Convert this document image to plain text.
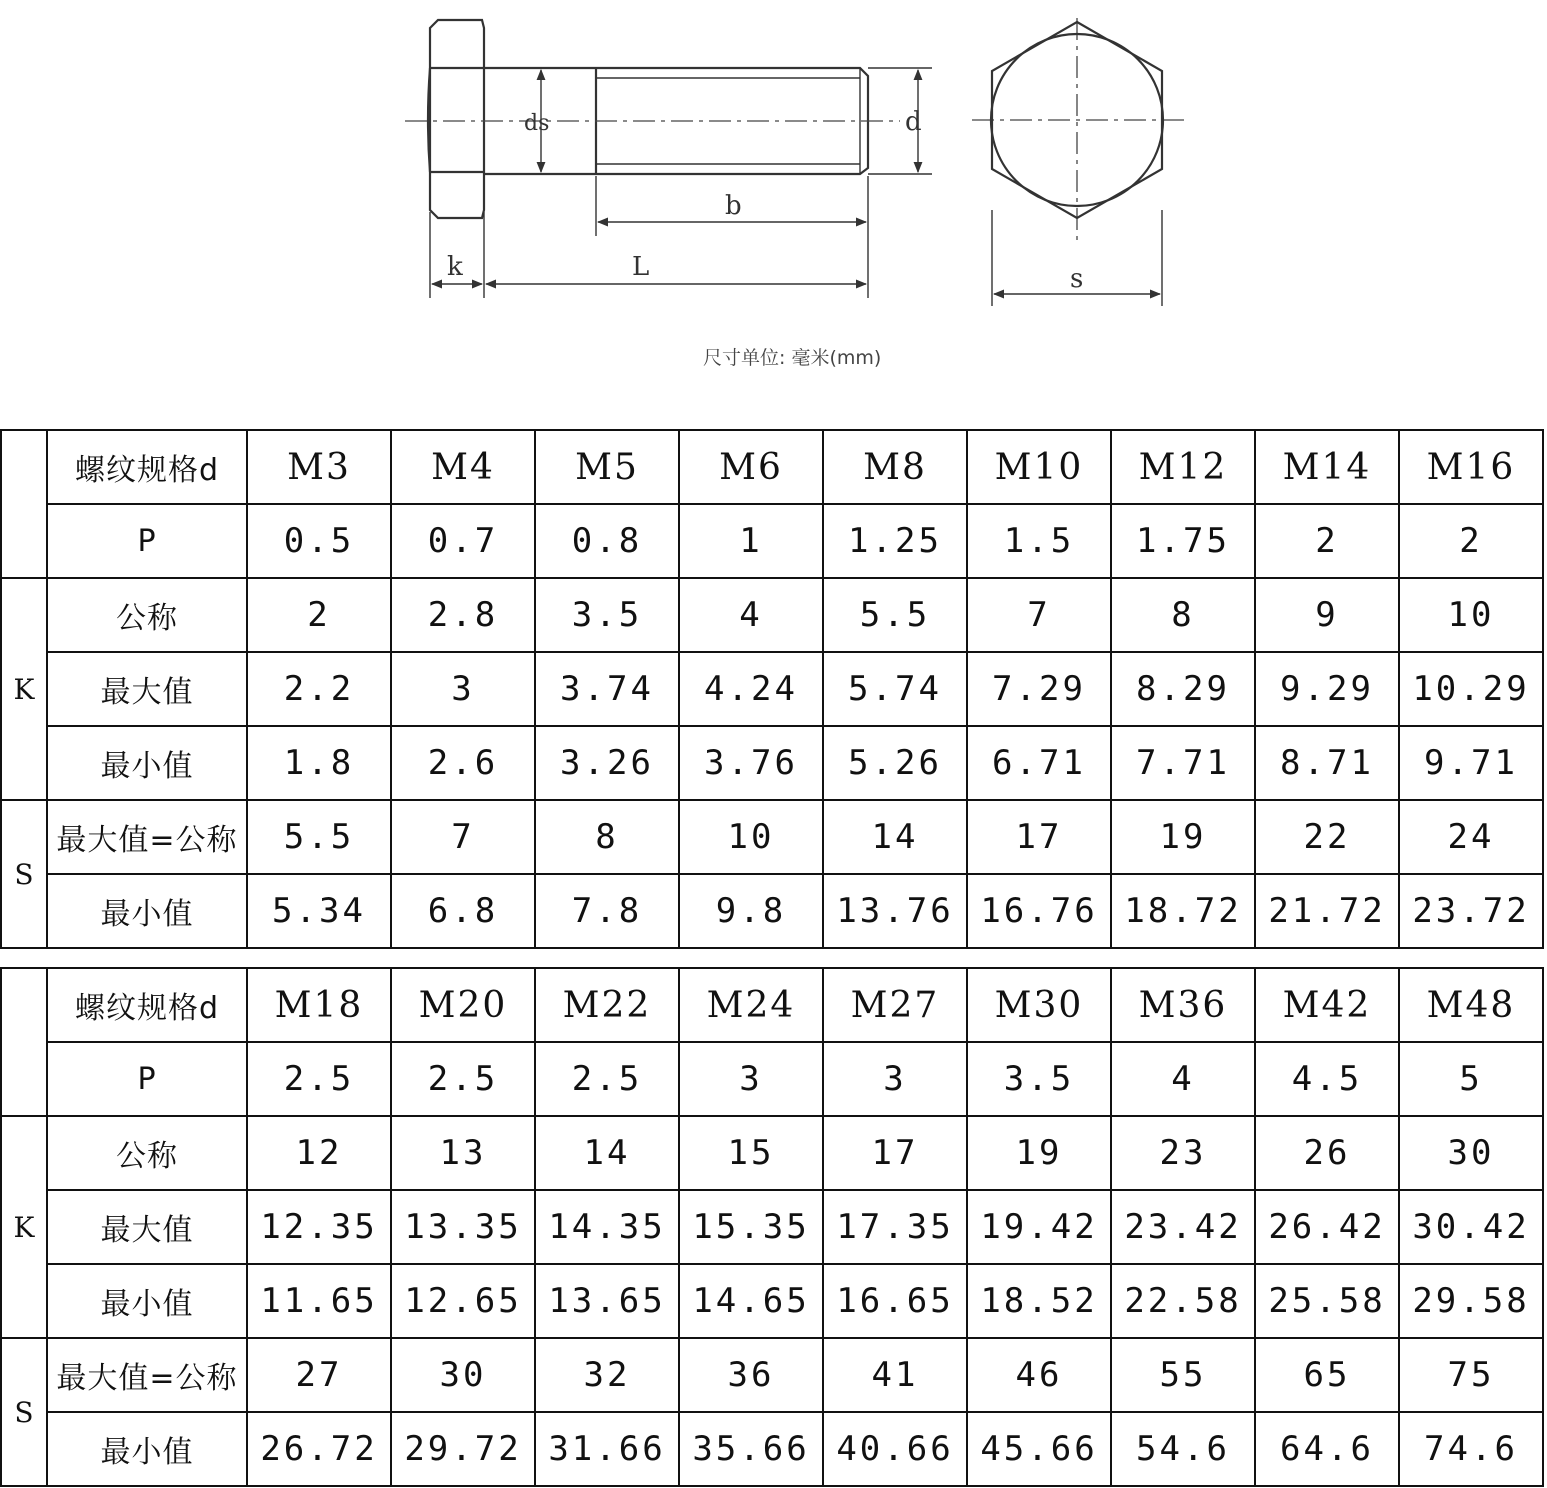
ds	d
b
k	L	s
尺寸单位: 毫米(mm)
	螺纹规格d	M3	M4	M5	M6	M8	M10	M12	M14	M16
	P	0.5	0.7	0.8	1	1.25	1.5	1.75	2	2
K	公称	2	2.8	3.5	4	5.5	7	8	9	10
	最大值	2.2	3	3.74	4.24	5.74	7.29	8.29	9.29	10.29
	最小值	1.8	2.6	3.26	3.76	5.26	6.71	7.71	8.71	9.71
S	最大值=公称	5.5	7	8	10	14	17	19	22	24
	最小值	5.34	6.8	7.8	9.8	13.76	16.76	18.72	21.72	23.72
	螺纹规格d	M18	M20	M22	M24	M27	M30	M36	M42	M48
	P	2.5	2.5	2.5	3	3	3.5	4	4.5	5
K	公称	12	13	14	15	17	19	23	26	30
	最大值	12.35	13.35	14.35	15.35	17.35	19.42	23.42	26.42	30.42
	最小值	11.65	12.65	13.65	14.65	16.65	18.52	22.58	25.58	29.58
S	最大值=公称	27	30	32	36	41	46	55	65	75
	最小值	26.72	29.72	31.66	35.66	40.66	45.66	54.6	64.6	74.6
